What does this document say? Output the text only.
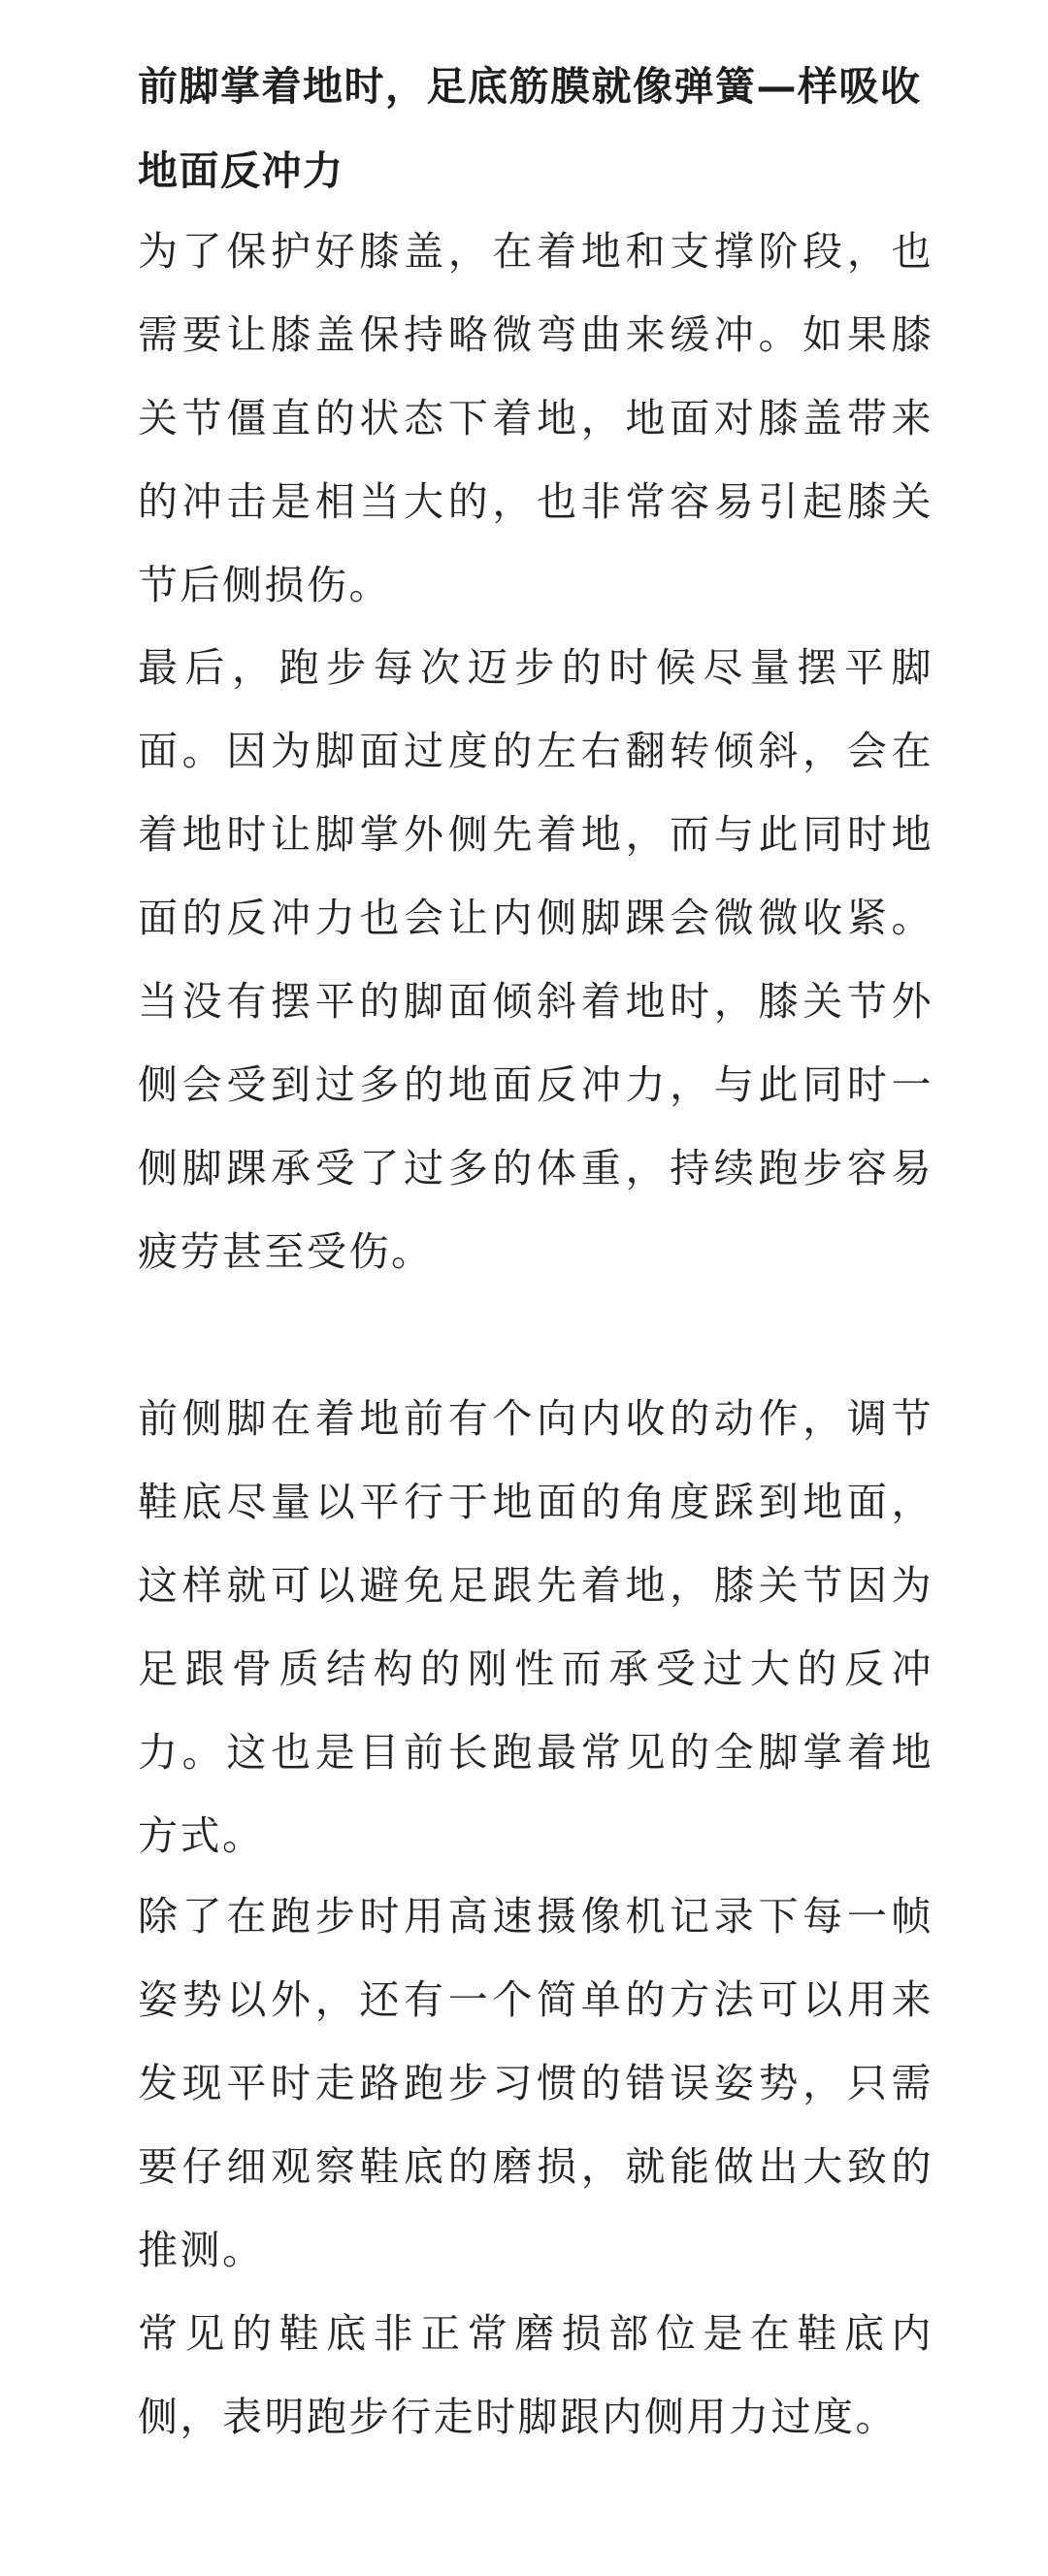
前脚掌着地时，足底筋膜就像弹簧—样吸收地面反冲力

为了保护好膝盖，在着地和支撑阶段，也需要让膝盖保持略微弯曲来缓冲。如果膝关节僵直的状态下着地，地面对膝盖带来的冲击是相当大的，也非常容易引起膝关节后侧损伤。

最后，跑步每次迈步的时候尽量摆平脚面。因为脚面过度的左右翻转倾斜，会在着地时让脚掌外侧先着地，而与此同时地面的反冲力也会让内侧脚踝会微微收紧。当没有摆平的脚面倾斜着地时，膝关节外侧会受到过多的地面反冲力，与此同时一侧脚踝承受了过多的体重，持续跑步容易疲劳甚至受伤。

前侧脚在着地前有个向内收的动作，调节鞋底尽量以平行于地面的角度踩到地面，这样就可以避免足跟先着地，膝关节因为足跟骨质结构的刚性而承受过大的反冲力。这也是目前长跑最常见的全脚掌着地方式。

除了在跑步时用高速摄像机记录下每一帧姿势以外，还有一个简单的方法可以用来发现平时走路跑步习惯的错误姿势，只需要仔细观察鞋底的磨损，就能做出大致的推测。

常见的鞋底非正常磨损部位是在鞋底内侧，表明跑步行走时脚跟内侧用力过度。
